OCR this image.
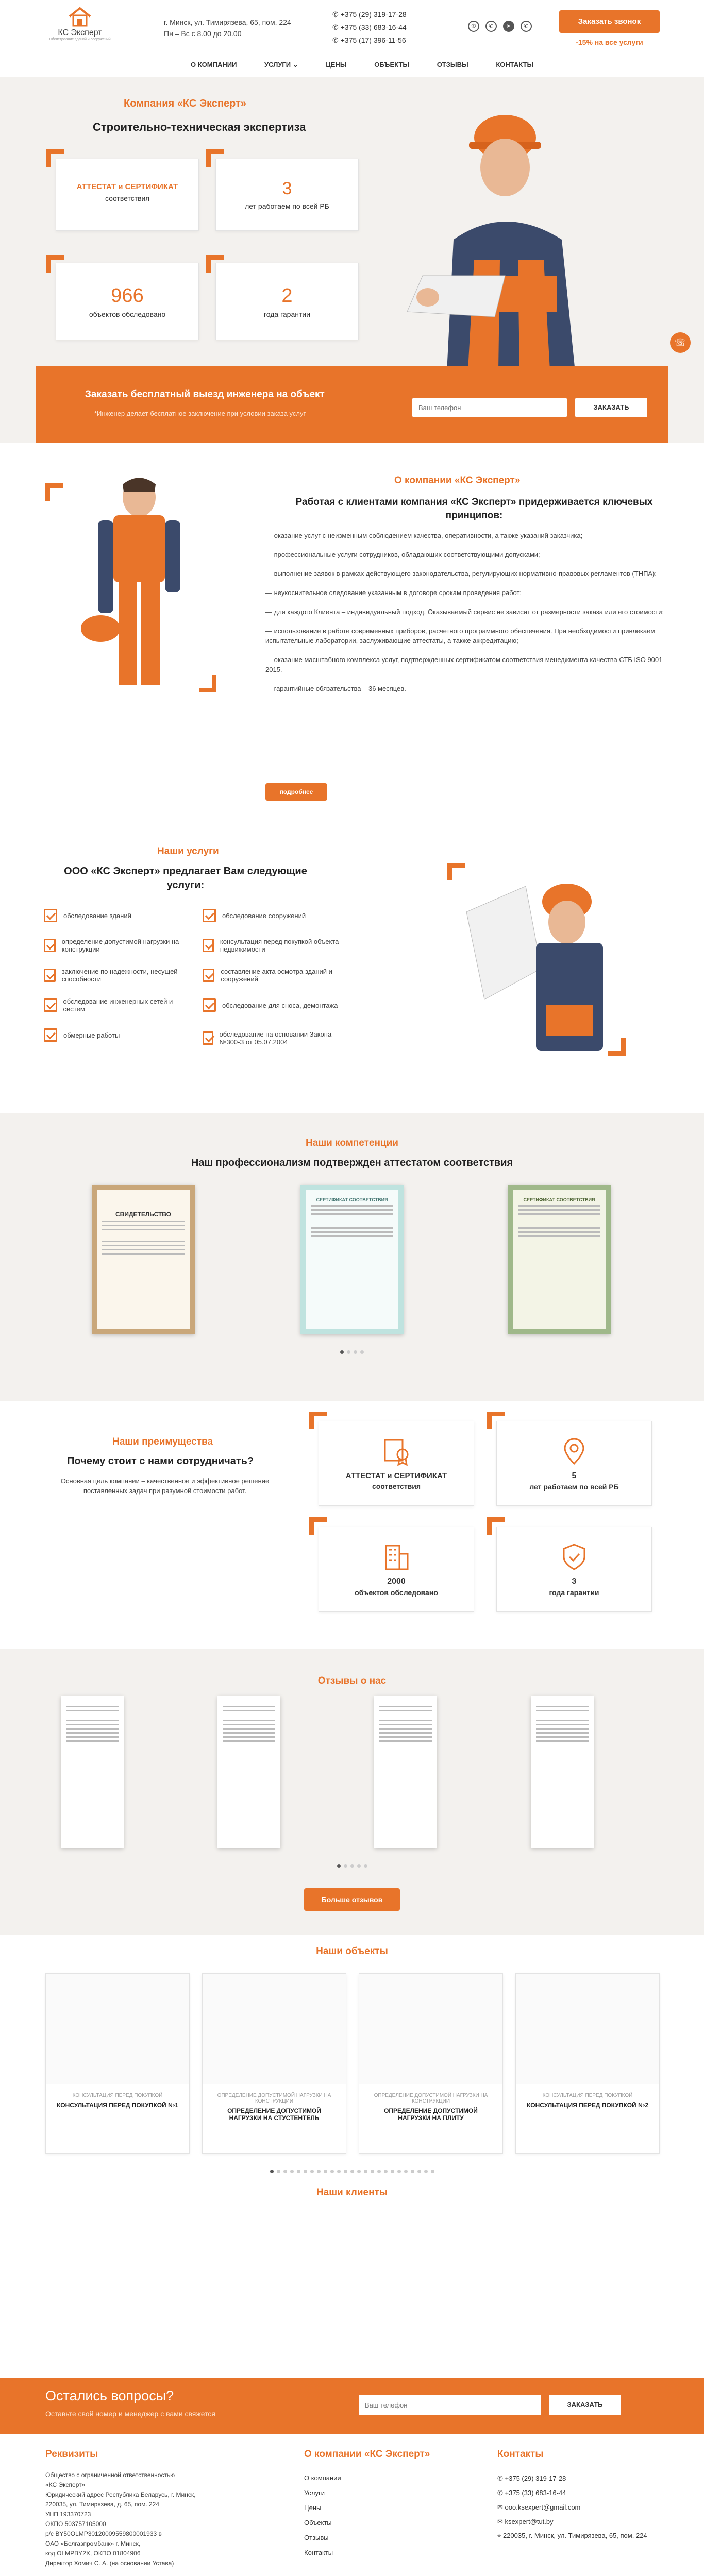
КС Эксперт
Обследование зданий и сооружений
г. Минск, ул. Тимирязева, 65, пом. 224
Пн – Вс с 8.00 до 20.00
✆ +375 (29) 319-17-28
✆ +375 (33) 683-16-44
✆ +375 (17) 396-11-56
✆ ✆ ➤ ✆
Заказать звонок
-15% на все услуги
О КОМПАНИИ	УСЛУГИ ⌄	ЦЕНЫ	ОБЪЕКТЫ	ОТЗЫВЫ	КОНТАКТЫ
Компания «КС Эксперт»
Строительно-техническая экспертиза
АТТЕСТАТ и СЕРТИФИКАТ
соответствия	3
лет работаем по всей РБ
966
объектов обследовано
2
года гарантии
☏
Заказать бесплатный выезд инженера на объект
*Инженер делает бесплатное заключение при условии заказа услуг
Ваш телефон
ЗАКАЗАТЬ
О компании «КС Эксперт»
Работая с клиентами компания «КС Эксперт» придерживается ключевых принципов:
— оказание услуг с неизменным соблюдением качества, оперативности, а также указаний заказчика;
— профессиональные услуги сотрудников, обладающих соответствующими допусками;
— выполнение заявок в рамках действующего законодательства, регулирующих нормативно-правовых регламентов (ТНПА);
— неукоснительное следование указанным в договоре срокам проведения работ;
— для каждого Клиента – индивидуальный подход. Оказываемый сервис не зависит от размерности заказа или его стоимости;
— использование в работе современных приборов, расчетного программного обеспечения. При необходимости привлекаем испытательные лаборатории, заслуживающие аттестаты, а также аккредитацию;
— оказание масштабного комплекса услуг, подтвержденных сертификатом соответствия менеджмента качества СТБ ISO 9001–2015.
— гарантийные обязательства – 36 месяцев.
подробнее
Наши услуги
ООО «КС Эксперт» предлагает Вам следующие услуги:
обследование зданий
определение допустимой нагрузки на конструкции
заключение по надежности, несущей способности
обследование инженерных сетей и систем
обмерные работы
обследование сооружений
консультация перед покупкой объекта недвижимости
составление акта осмотра зданий и сооружений
обследование для сноса, демонтажа
обследование на основании Закона №300-З от 05.07.2004
Наши компетенции
Наш профессионализм подтвержден аттестатом соответствия
СВИДЕТЕЛЬСТВО
СЕРТИФИКАТ СООТВЕТСТВИЯ	СЕРТИФИКАТ СООТВЕТСТВИЯ
Наши преимущества
Почему стоит с нами сотрудничать?
Основная цель компании – качественное и эффективное решение поставленных задач при разумной стоимости работ.
АТТЕСТАТ и СЕРТИФИКАТ
соответствия
5
лет работаем по всей РБ
2000
объектов обследовано
3
года гарантии
Отзывы о нас
Больше отзывов
Наши объекты
КОНСУЛЬТАЦИЯ ПЕРЕД ПОКУПКОЙ
КОНСУЛЬТАЦИЯ ПЕРЕД ПОКУПКОЙ №1
ОПРЕДЕЛЕНИЕ ДОПУСТИМОЙ НАГРУЗКИ НА КОНСТРУКЦИИ
ОПРЕДЕЛЕНИЕ ДОПУСТИМОЙ НАГРУЗКИ НА СТУСТЕНТЕЛЬ
ОПРЕДЕЛЕНИЕ ДОПУСТИМОЙ НАГРУЗКИ НА КОНСТРУКЦИИ
ОПРЕДЕЛЕНИЕ ДОПУСТИМОЙ НАГРУЗКИ НА ПЛИТУ
КОНСУЛЬТАЦИЯ ПЕРЕД ПОКУПКОЙ
КОНСУЛЬТАЦИЯ ПЕРЕД ПОКУПКОЙ №2
Наши клиенты
Остались вопросы?
Оставьте свой номер и менеджер с вами свяжется
Ваш телефон
ЗАКАЗАТЬ
Реквизиты
Общество с ограниченной ответственностью
«КС Эксперт»
Юридический адрес Республика Беларусь, г. Минск,
220035, ул. Тимирязева, д. 65, пом. 224
УНП 193370723
ОКПО 503757105000
р/с BY50OLMP30120009559800001933 в
ОАО «Белгазпромбанк» г. Минск,
код OLMPBY2X, ОКПО 01804906
Директор Хомич С. А. (на основании Устава)
О компании «КС Эксперт»
О компании
Услуги
Цены
Объекты
Отзывы
Контакты
Контакты
✆ +375 (29) 319-17-28
✆ +375 (33) 683-16-44
✉ ooo.ksexpert@gmail.com
✉ ksexpert@tut.by
⌖ 220035, г. Минск, ул. Тимирязева, 65, пом. 224
